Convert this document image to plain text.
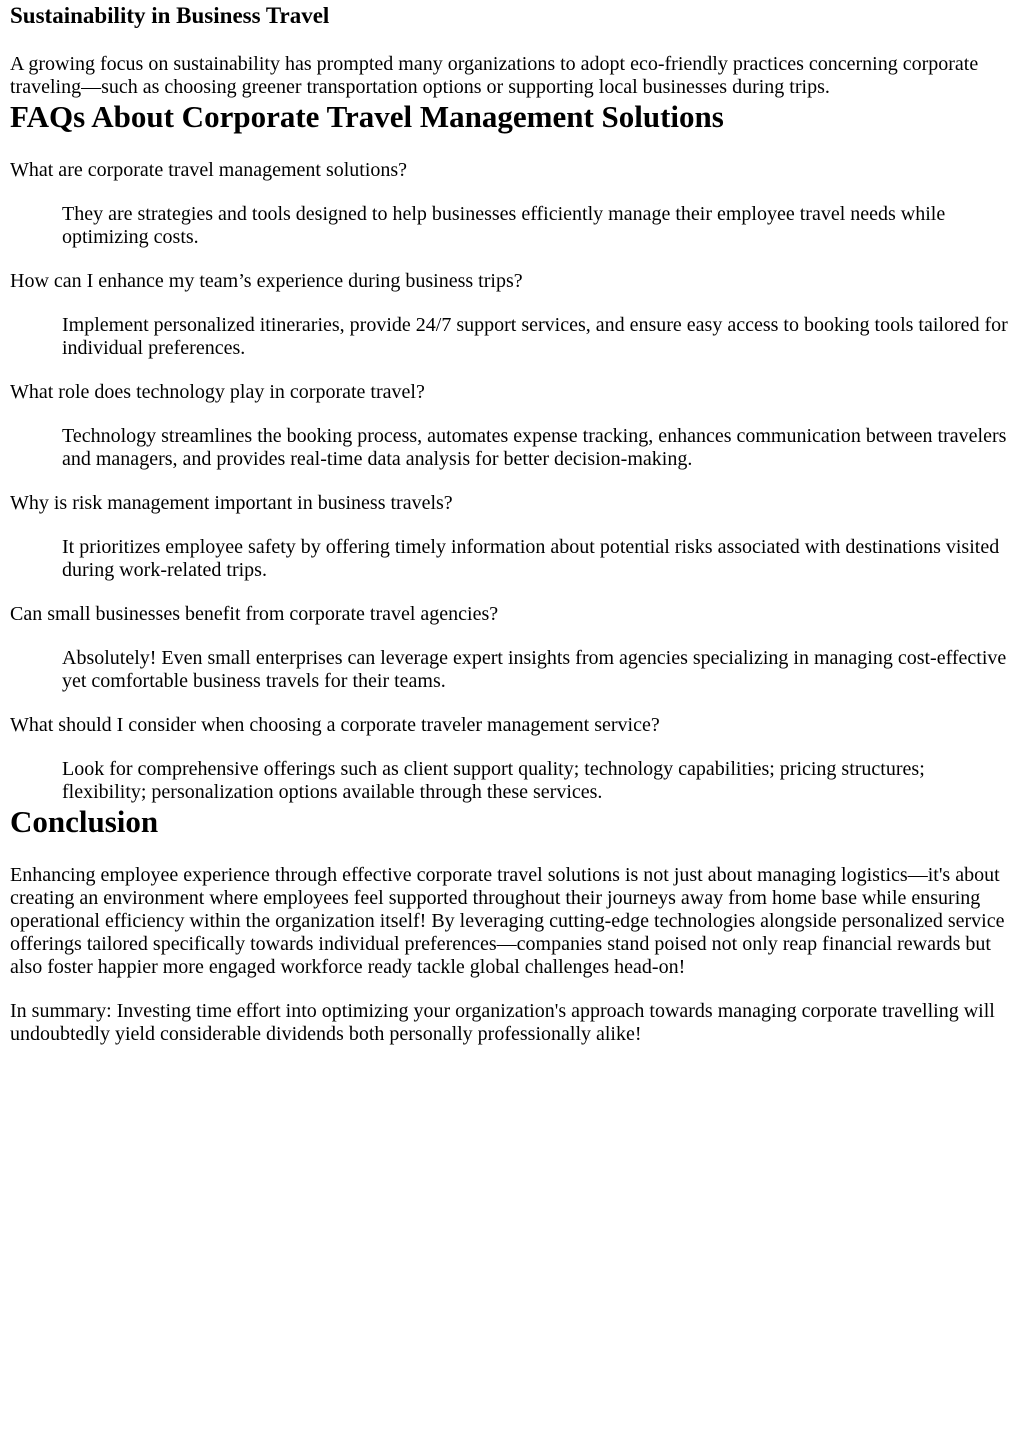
Sustainability in Business Travel

A growing focus on sustainability has prompted many organizations to adopt eco-friendly practices concerning corporate traveling—such as choosing greener transportation options or supporting local businesses during trips.

FAQs About Corporate Travel Management Solutions
What are corporate travel management solutions?
They are strategies and tools designed to help businesses efficiently manage their employee travel needs while optimizing costs.
How can I enhance my team’s experience during business trips?
Implement personalized itineraries, provide 24/7 support services, and ensure easy access to booking tools tailored for individual preferences.
What role does technology play in corporate travel?
Technology streamlines the booking process, automates expense tracking, enhances communication between travelers and managers, and provides real-time data analysis for better decision-making.
Why is risk management important in business travels?
It prioritizes employee safety by offering timely information about potential risks associated with destinations visited during work-related trips.
Can small businesses benefit from corporate travel agencies?
Absolutely! Even small enterprises can leverage expert insights from agencies specializing in managing cost-effective yet comfortable business travels for their teams.
What should I consider when choosing a corporate traveler management service?
Look for comprehensive offerings such as client support quality; technology capabilities; pricing structures; flexibility; personalization options available through these services.
Conclusion

Enhancing employee experience through effective corporate travel solutions is not just about managing logistics—it's about creating an environment where employees feel supported throughout their journeys away from home base while ensuring operational efficiency within the organization itself! By leveraging cutting-edge technologies alongside personalized service offerings tailored specifically towards individual preferences—companies stand poised not only reap financial rewards but also foster happier more engaged workforce ready tackle global challenges head-on!

In summary: Investing time effort into optimizing your organization's approach towards managing corporate travelling will undoubtedly yield considerable dividends both personally professionally alike!
